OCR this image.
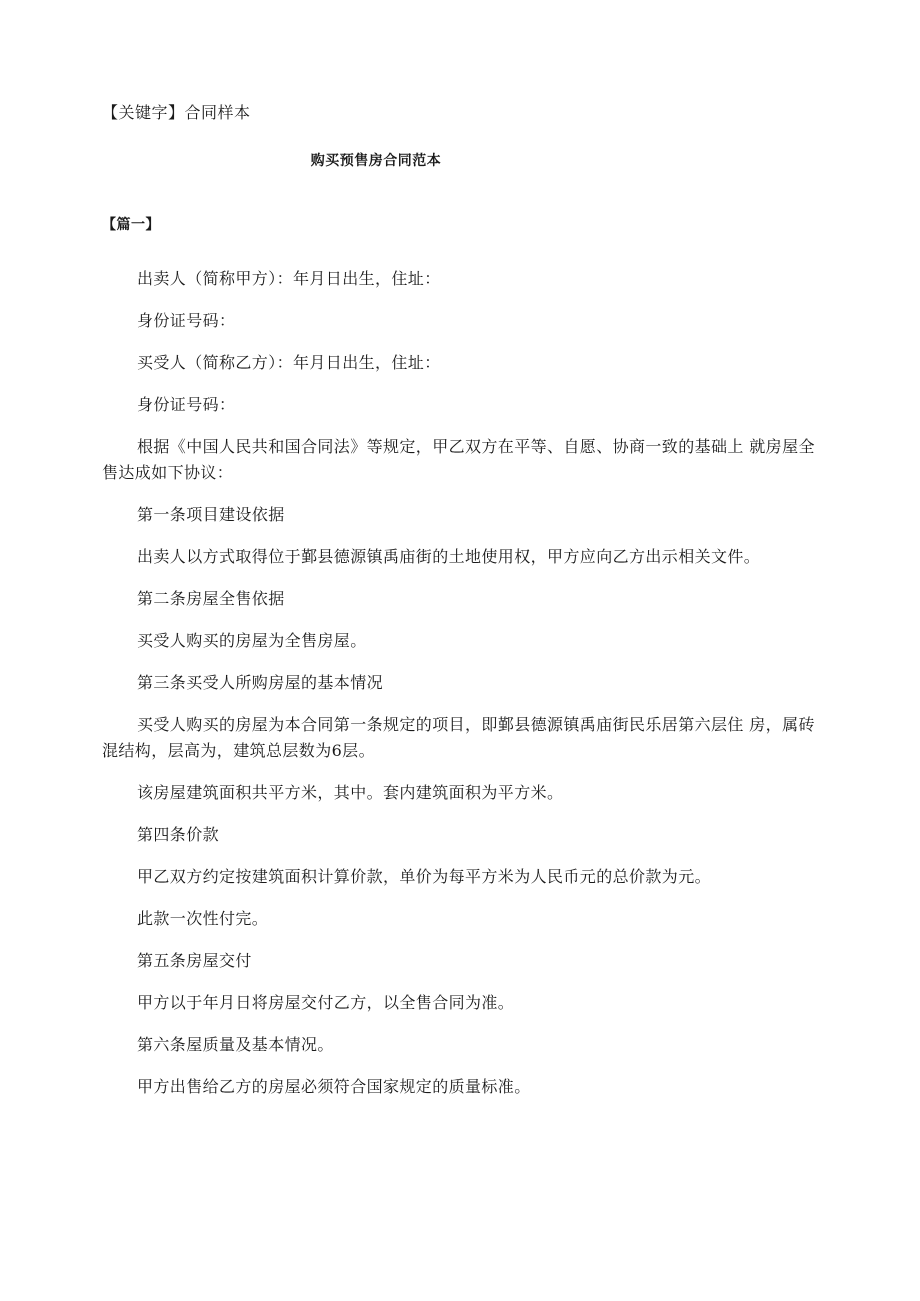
【关键字】合同样本
购买预售房合同范本
【篇一】

出卖人（简称甲方）：年月日出生，住址：

身份证号码：

买受人（简称乙方）：年月日出生，住址：

身份证号码：

根据《中国人民共和国合同法》等规定，甲乙双方在平等、自愿、协商一致的基础上 就房屋全售达成如下协议：

第一条项目建设依据

出卖人以方式取得位于鄞县德源镇禹庙街的土地使用权，甲方应向乙方出示相关文件。

第二条房屋全售依据

买受人购买的房屋为全售房屋。

第三条买受人所购房屋的基本情况

买受人购买的房屋为本合同第一条规定的项目，即鄞县德源镇禹庙街民乐居第六层住 房，属砖混结构，层高为，建筑总层数为6层。

该房屋建筑面积共平方米，其中。套内建筑面积为平方米。

第四条价款

甲乙双方约定按建筑面积计算价款，单价为每平方米为人民币元的总价款为元。

此款一次性付完。

第五条房屋交付

甲方以于年月日将房屋交付乙方，以全售合同为准。

第六条屋质量及基本情况。

甲方出售给乙方的房屋必须符合国家规定的质量标准。
